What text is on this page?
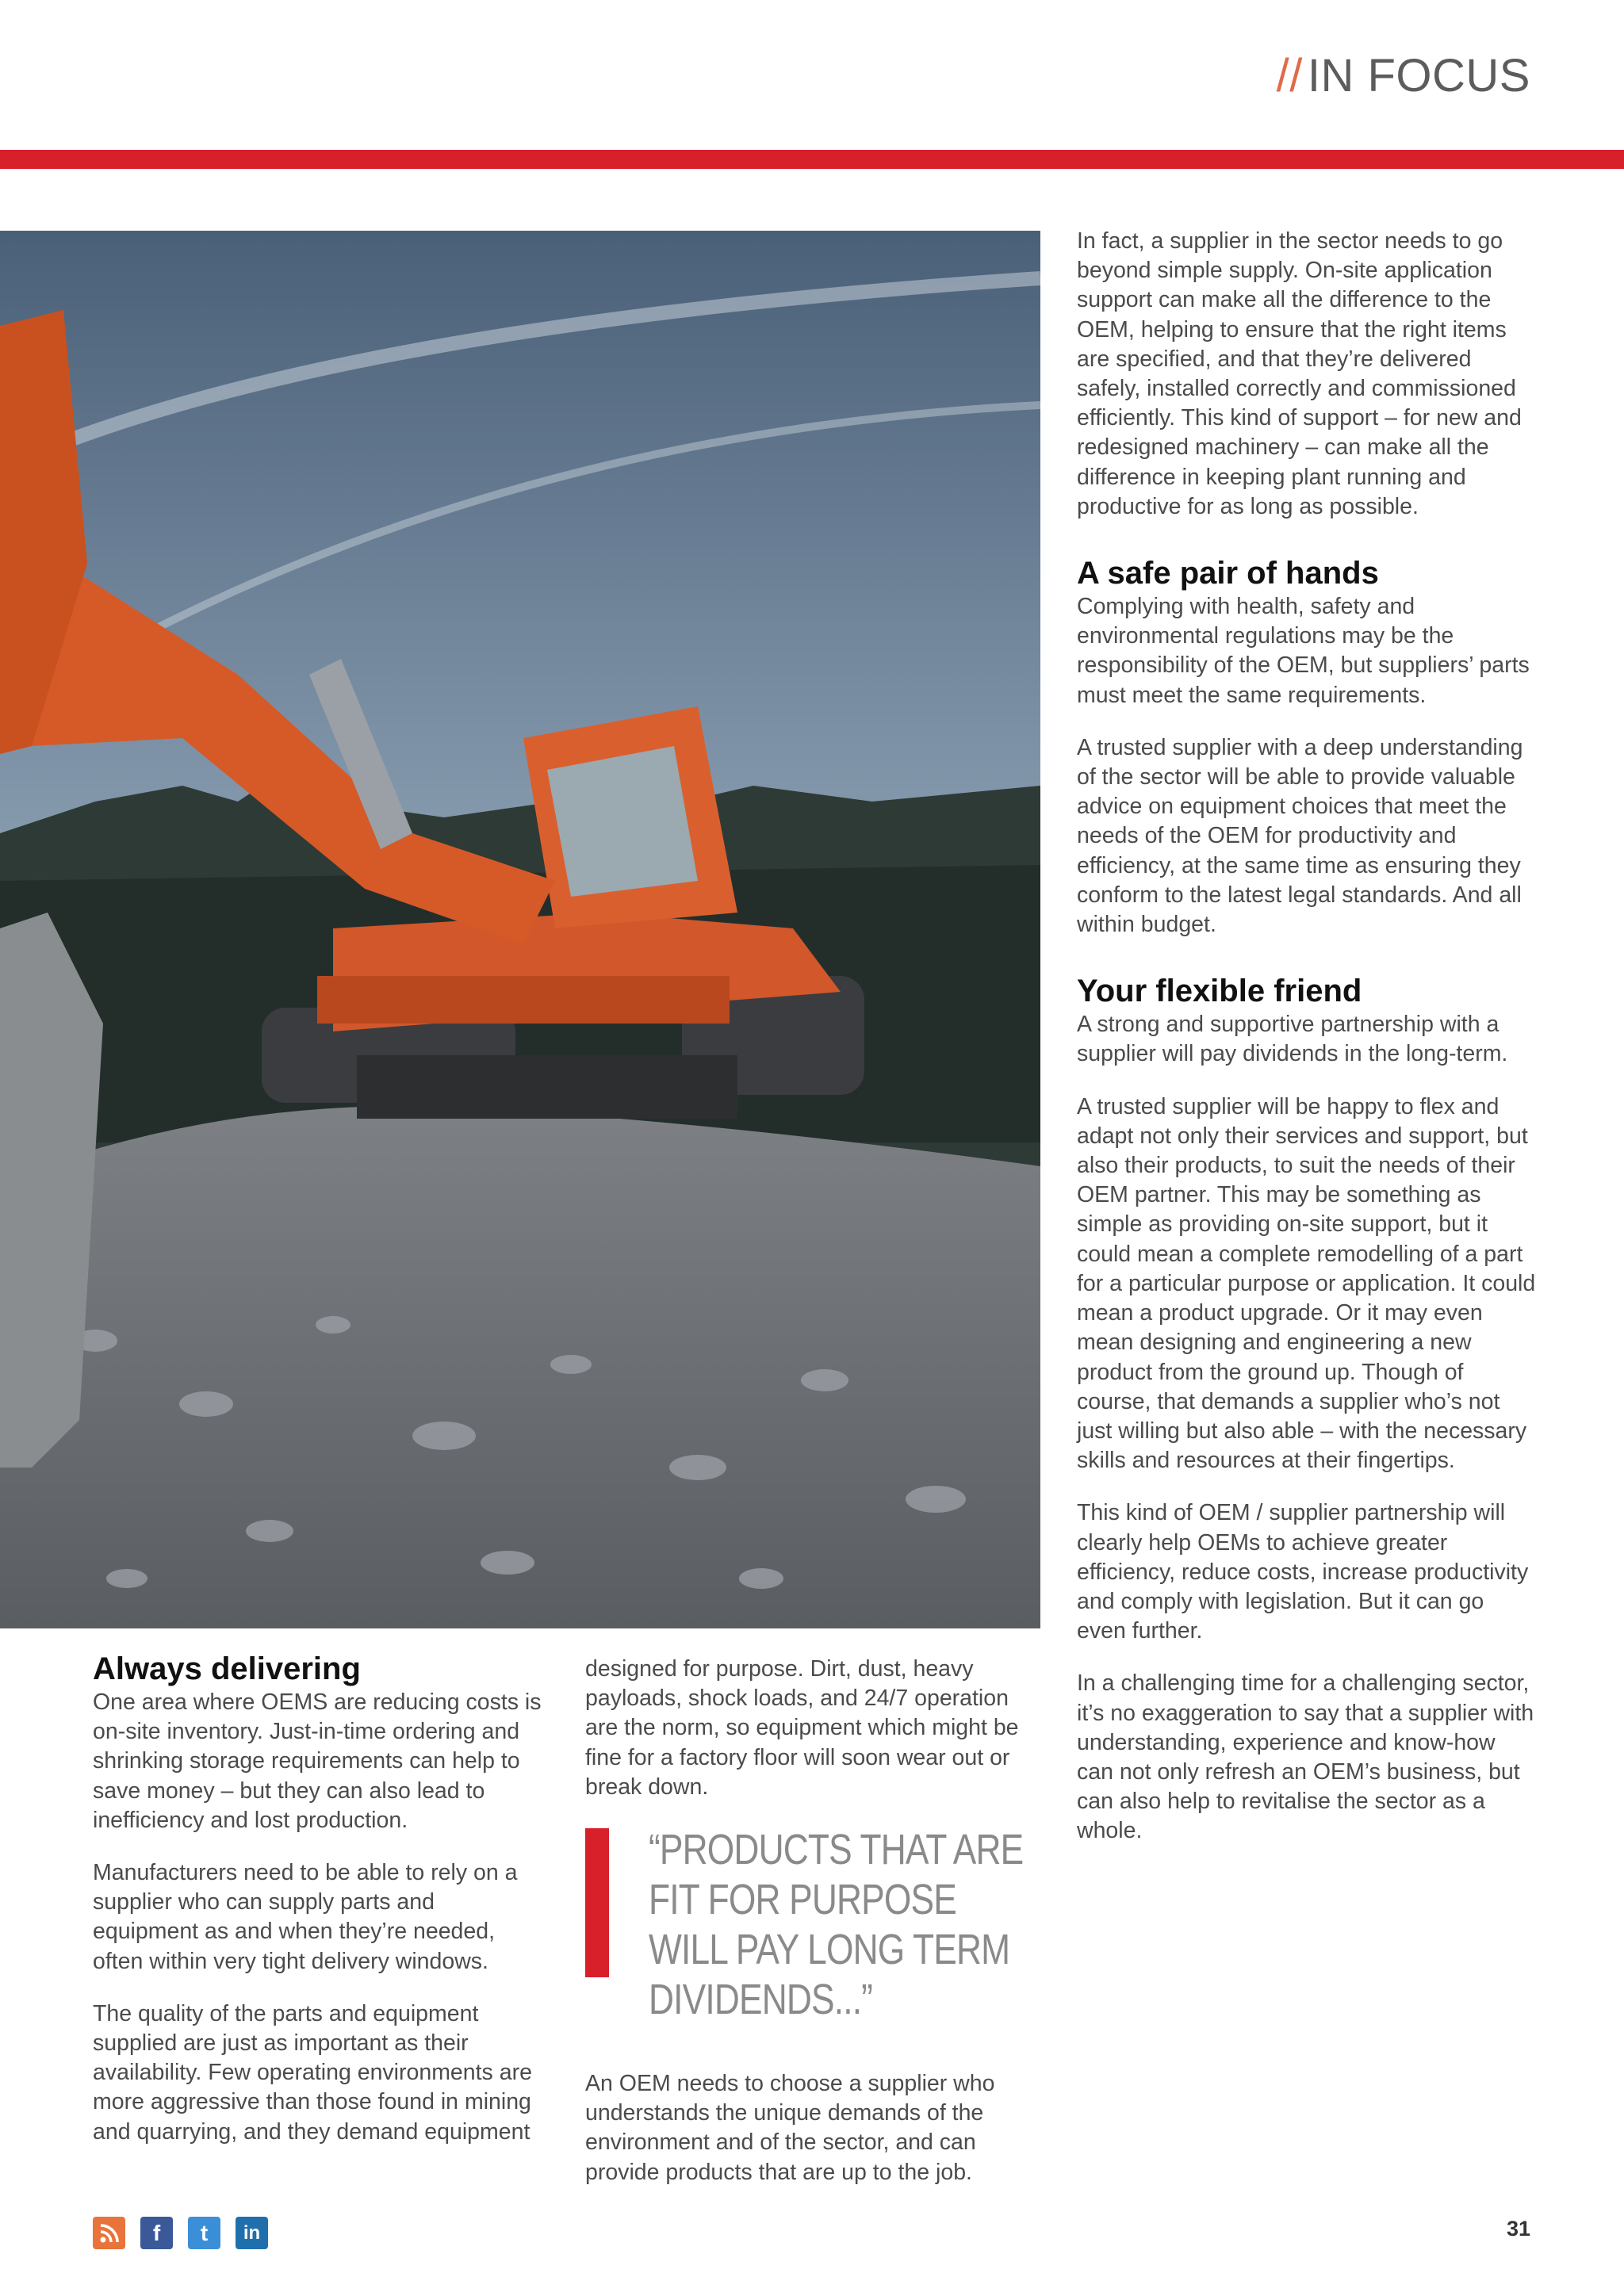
// IN FOCUS
Always delivering

One area where OEMS are reducing costs is on-site inventory. Just-in-time ordering and shrinking storage requirements can help to save money – but they can also lead to inefficiency and lost production.

Manufacturers need to be able to rely on a supplier who can supply parts and equipment as and when they’re needed, often within very tight delivery windows.

The quality of the parts and equipment supplied are just as important as their availability. Few operating environments are more aggressive than those found in mining and quarrying, and they demand equipment

designed for purpose. Dirt, dust, heavy payloads, shock loads, and 24/7 operation are the norm, so equipment which might be fine for a factory floor will soon wear out or break down.

“PRODUCTS THAT ARE FIT FOR PURPOSE WILL PAY LONG TERM DIVIDENDS...”

An OEM needs to choose a supplier who understands the unique demands of the environment and of the sector, and can provide products that are up to the job.

In fact, a supplier in the sector needs to go beyond simple supply. On-site application support can make all the difference to the OEM, helping to ensure that the right items are specified, and that they’re delivered safely, installed correctly and commissioned efficiently. This kind of support – for new and redesigned machinery – can make all the difference in keeping plant running and productive for as long as possible.

A safe pair of hands

Complying with health, safety and environmental regulations may be the responsibility of the OEM, but suppliers’ parts must meet the same requirements.

A trusted supplier with a deep understanding of the sector will be able to provide valuable advice on equipment choices that meet the needs of the OEM for productivity and efficiency, at the same time as ensuring they conform to the latest legal standards. And all within budget.

Your flexible friend

A strong and supportive partnership with a supplier will pay dividends in the long-term.

A trusted supplier will be happy to flex and adapt not only their services and support, but also their products, to suit the needs of their OEM partner. This may be something as simple as providing on-site support, but it could mean a complete remodelling of a part for a particular purpose or application. It could mean a product upgrade. Or it may even mean designing and engineering a new product from the ground up. Though of course, that demands a supplier who’s not just willing but also able – with the necessary skills and resources at their fingertips.

This kind of OEM / supplier partnership will clearly help OEMs to achieve greater efficiency, reduce costs, increase productivity and comply with legislation. But it can go even further.

In a challenging time for a challenging sector, it’s no exaggeration to say that a supplier with understanding, experience and know-how can not only refresh an OEM’s business, but can also help to revitalise the sector as a whole.

f t in	31
